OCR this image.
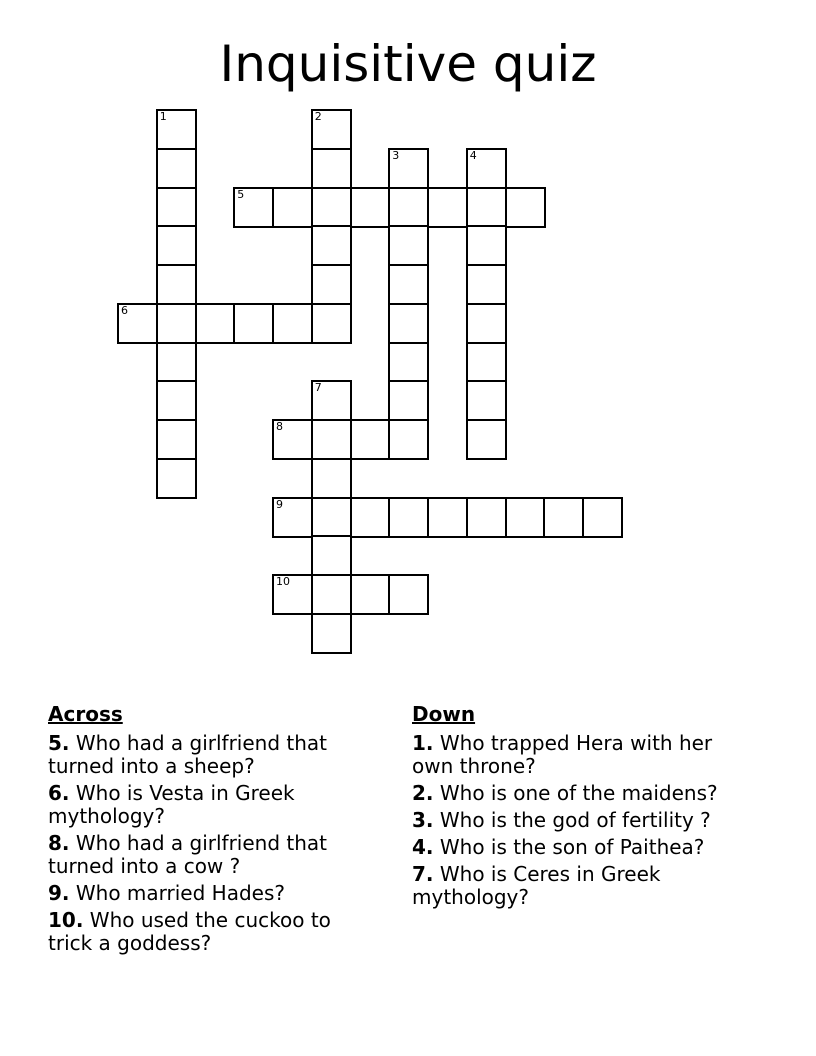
Inquisitive quiz
1	2
3	4
5
6
7
8
9
10
Across
5. Who had a girlfriend that turned into a sheep?
6. Who is Vesta in Greek mythology?
8. Who had a girlfriend that turned into a cow ?
9. Who married Hades?
10. Who used the cuckoo to trick a goddess?
Down
1. Who trapped Hera with her own throne?
2. Who is one of the maidens?
3. Who is the god of fertility ?
4. Who is the son of Paithea?
7. Who is Ceres in Greek mythology?
